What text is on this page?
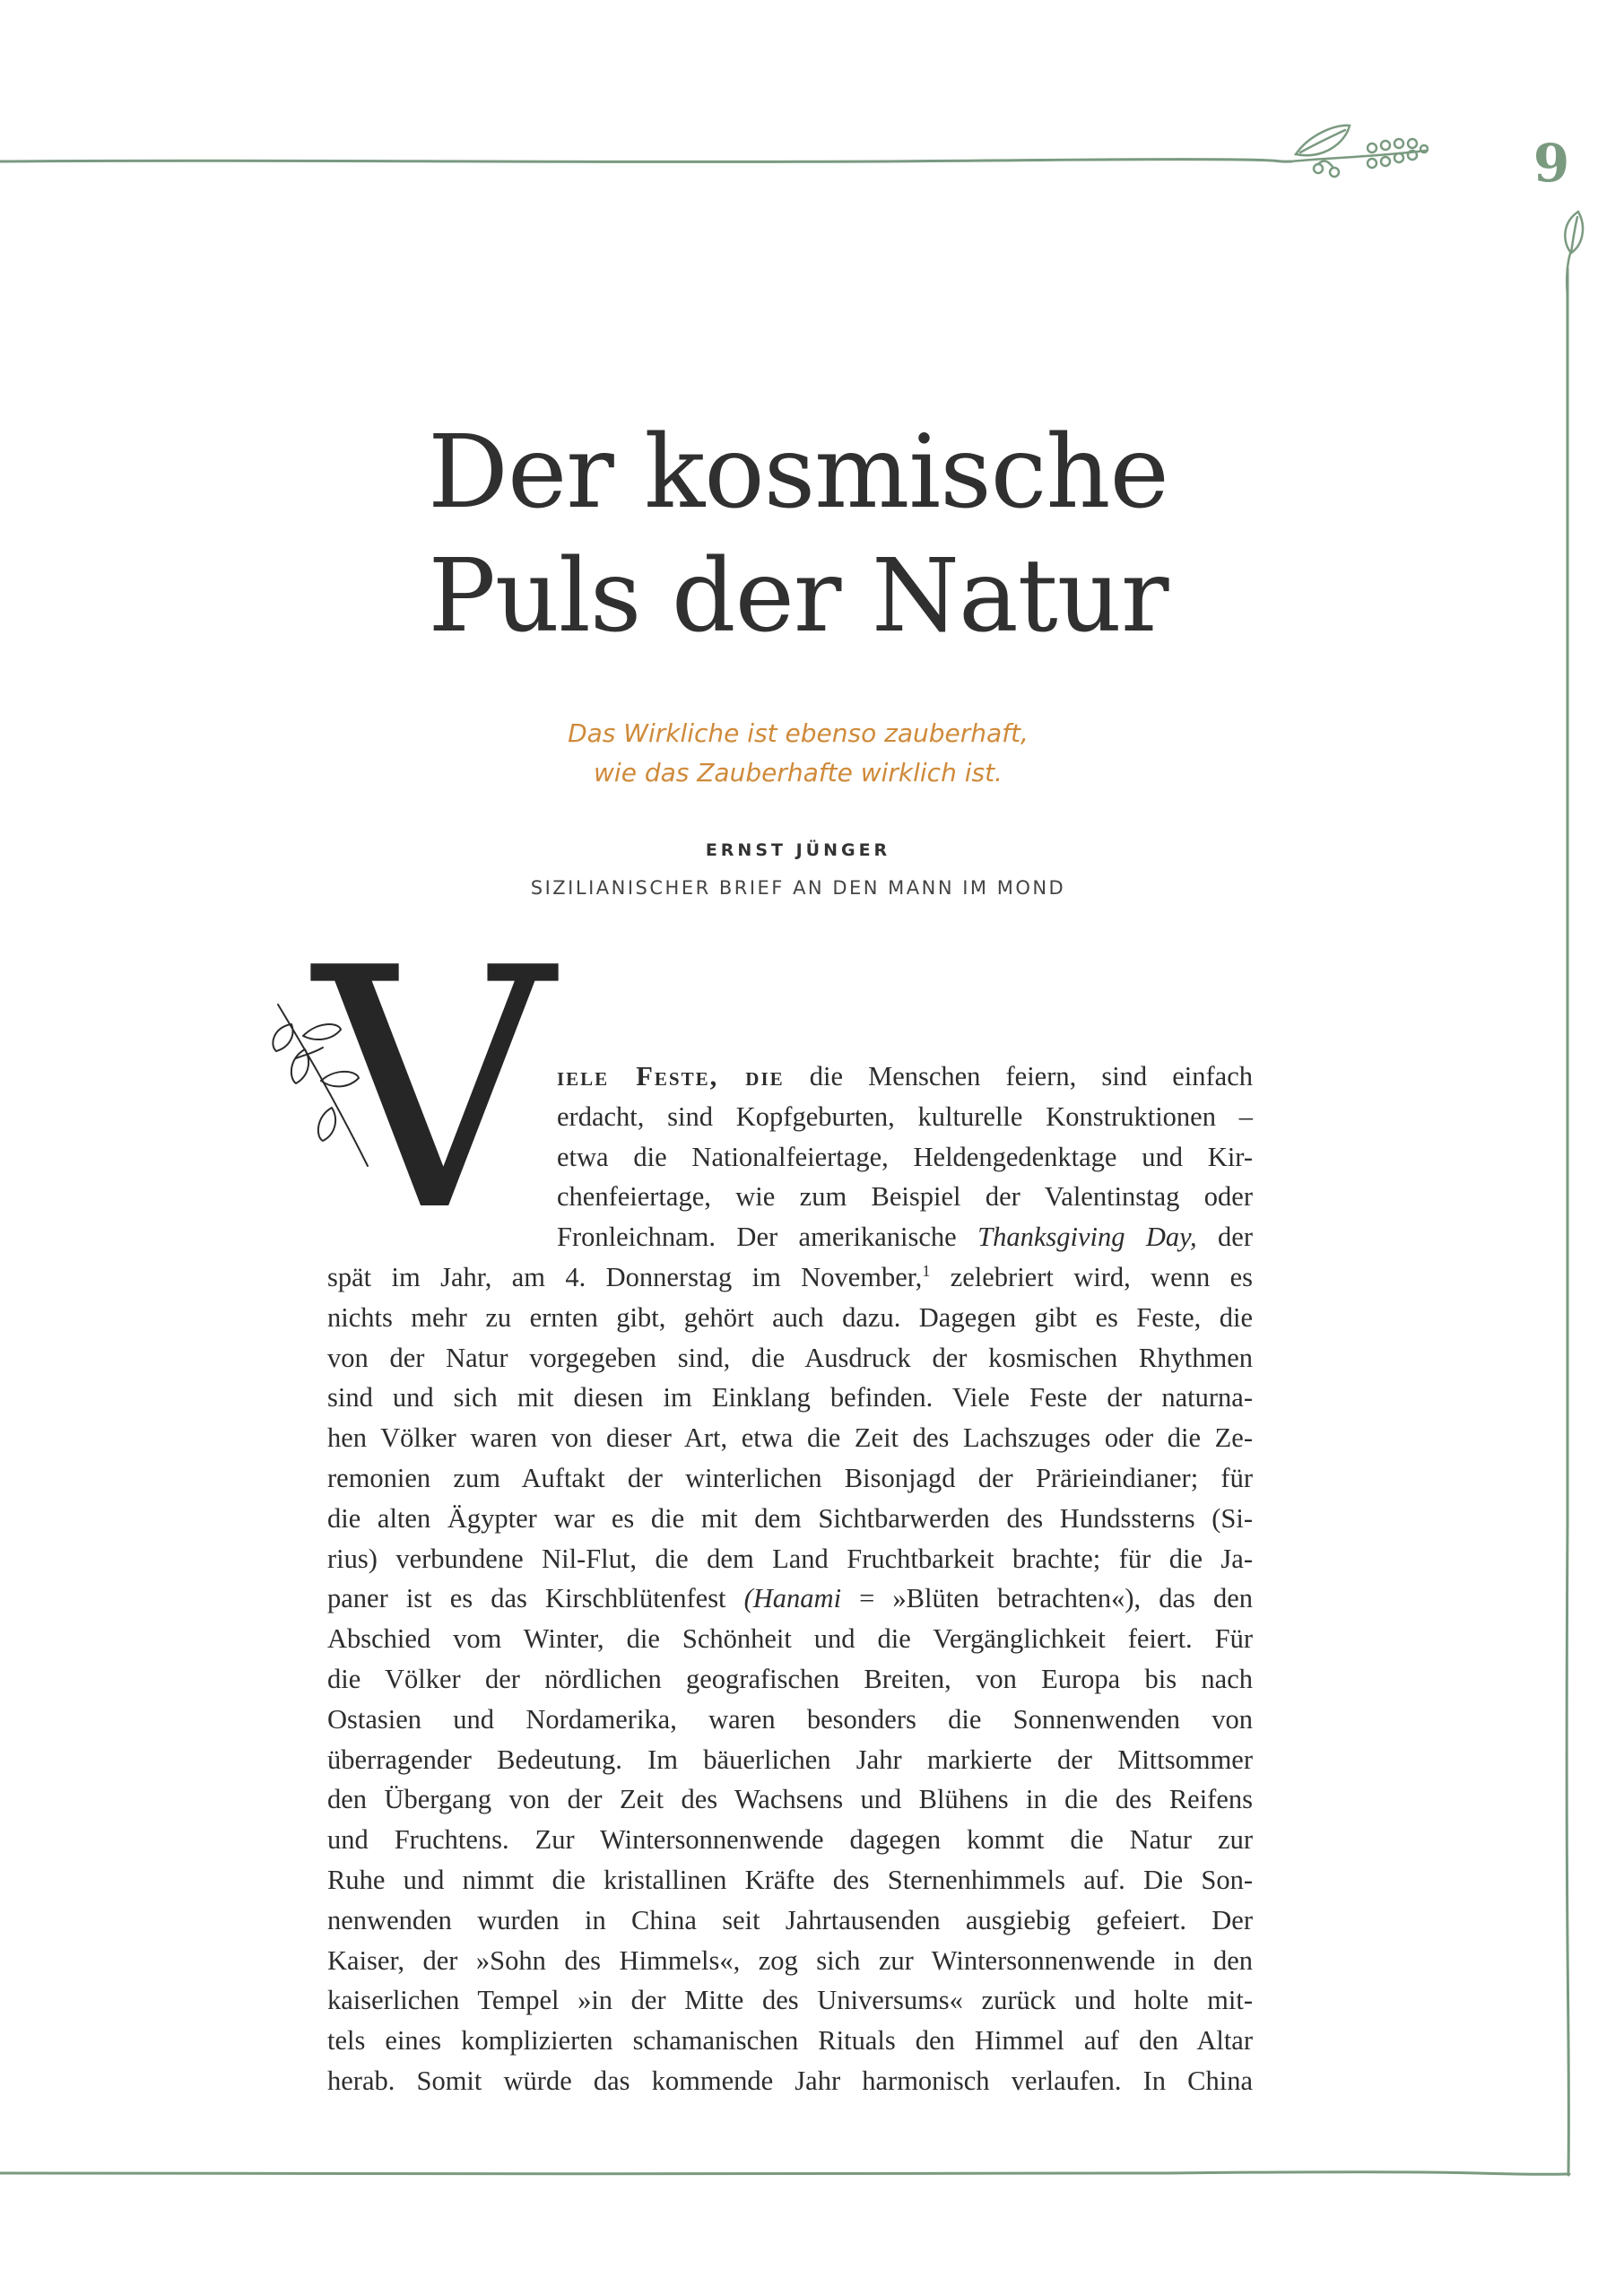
9
Der kosmische
Puls der Natur
Das Wirkliche ist ebenso zauberhaft,
wie das Zauberhafte wirklich ist.
ERNST JÜNGER
SIZILIANISCHER BRIEF AN DEN MANN IM MOND
V iele Feste, die die Menschen feiern, sind einfach
erdacht, sind Kopfgeburten, kulturelle Konstruktionen –
etwa die Nationalfeiertage, Heldengedenktage und Kir-
chenfeiertage, wie zum Beispiel der Valentinstag oder
Fronleichnam. Der amerikanische Thanksgiving Day, der
spät im Jahr, am 4. Donnerstag im November,$^1$ zelebriert wird, wenn es
nichts mehr zu ernten gibt, gehört auch dazu. Dagegen gibt es Feste, die
von der Natur vorgegeben sind, die Ausdruck der kosmischen Rhythmen
sind und sich mit diesen im Einklang befinden. Viele Feste der naturna-
hen Völker waren von dieser Art, etwa die Zeit des Lachszuges oder die Ze-
remonien zum Auftakt der winterlichen Bisonjagd der Prärieindianer; für
die alten Ägypter war es die mit dem Sichtbarwerden des Hundssterns (Si-
rius) verbundene Nil-Flut, die dem Land Fruchtbarkeit brachte; für die Ja-
paner ist es das Kirschblütenfest (Hanami = »Blüten betrachten«), das den
Abschied vom Winter, die Schönheit und die Vergänglichkeit feiert. Für
die Völker der nördlichen geografischen Breiten, von Europa bis nach
Ostasien und Nordamerika, waren besonders die Sonnenwenden von
überragender Bedeutung. Im bäuerlichen Jahr markierte der Mittsommer
den Übergang von der Zeit des Wachsens und Blühens in die des Reifens
und Fruchtens. Zur Wintersonnenwende dagegen kommt die Natur zur
Ruhe und nimmt die kristallinen Kräfte des Sternenhimmels auf. Die Son-
nenwenden wurden in China seit Jahrtausenden ausgiebig gefeiert. Der
Kaiser, der »Sohn des Himmels«, zog sich zur Wintersonnenwende in den
kaiserlichen Tempel »in der Mitte des Universums« zurück und holte mit-
tels eines komplizierten schamanischen Rituals den Himmel auf den Altar
herab. Somit würde das kommende Jahr harmonisch verlaufen. In China
